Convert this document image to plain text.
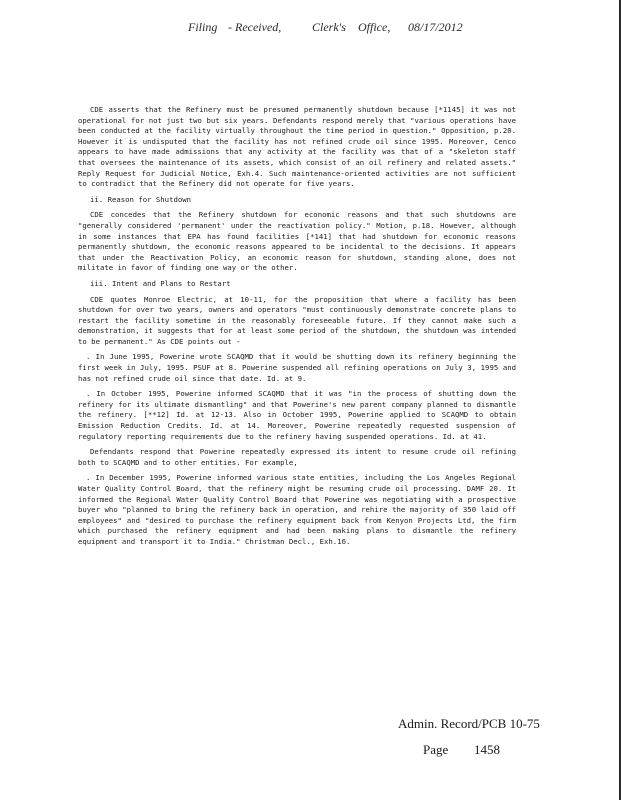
Filing - Received,	Clerk's Office, 08/17/2012

CDE asserts that the Refinery must be presumed permanently shutdown because [*1145] it was not operational for not just two but six years. Defendants respond merely that "various operations have been conducted at the facility virtually throughout the time period in question." Opposition, p.20. However it is undisputed that the facility has not refined crude oil since 1995. Moreover, Cenco appears to have made admissions that any activity at the facility was that of a "skeleton staff that oversees the maintenance of its assets, which consist of an oil refinery and related assets." Reply Request for Judicial Notice, Exh.4. Such maintenance-oriented activities are not sufficient to contradict that the Refinery did not operate for five years.

ii. Reason for Shutdown

CDE concedes that the Refinery shutdown for economic reasons and that such shutdowns are "generally considered 'permanent' under the reactivation policy." Motion, p.18. However, although in some instances that EPA has found facilities [*141] that had shutdown for economic reasons permanently shutdown, the economic reasons appeared to be incidental to the decisions. It appears that under the Reactivation Policy, an economic reason for shutdown, standing alone, does not militate in favor of finding one way or the other.

iii. Intent and Plans to Restart

CDE quotes Monroe Electric, at 10-11, for the proposition that where a facility has been shutdown for over two years, owners and operators "must continuously demonstrate concrete plans to restart the facility sometime in the reasonably foreseeable future. If they cannot make such a demonstration, it suggests that for at least some period of the shutdown, the shutdown was intended to be permanent." As CDE points out -

. In June 1995, Powerine wrote SCAQMD that it would be shutting down its refinery beginning the first week in July, 1995. PSUF at 8. Powerine suspended all refining operations on July 3, 1995 and has not refined crude oil since that date. Id. at 9.

. In October 1995, Powerine informed SCAQMD that it was "in the process of shutting down the refinery for its ultimate dismantling" and that Powerine's new parent company planned to dismantle the refinery. [**12] Id. at 12-13. Also in October 1995, Powerine applied to SCAQMD to obtain Emission Reduction Credits. Id. at 14. Moreover, Powerine repeatedly requested suspension of regulatory reporting requirements due to the refinery having suspended operations. Id. at 41.

Defendants respond that Powerine repeatedly expressed its intent to resume crude oil refining both to SCAQMD and to other entities. For example,

. In December 1995, Powerine informed various state entities, including the Los Angeles Regional Water Quality Control Board, that the refinery might be resuming crude oil processing. DAMF 20. It informed the Regional Water Quality Control Board that Powerine was negotiating with a prospective buyer who "planned to bring the refinery back in operation, and rehire the majority of 350 laid off employees" and "desired to purchase the refinery equipment back from Kenyon Projects Ltd, the firm which purchased the refinery equipment and had been making plans to dismantle the refinery equipment and transport it to India." Christman Decl., Exh.16.

Admin. Record/PCB 10-75
Page 1458
